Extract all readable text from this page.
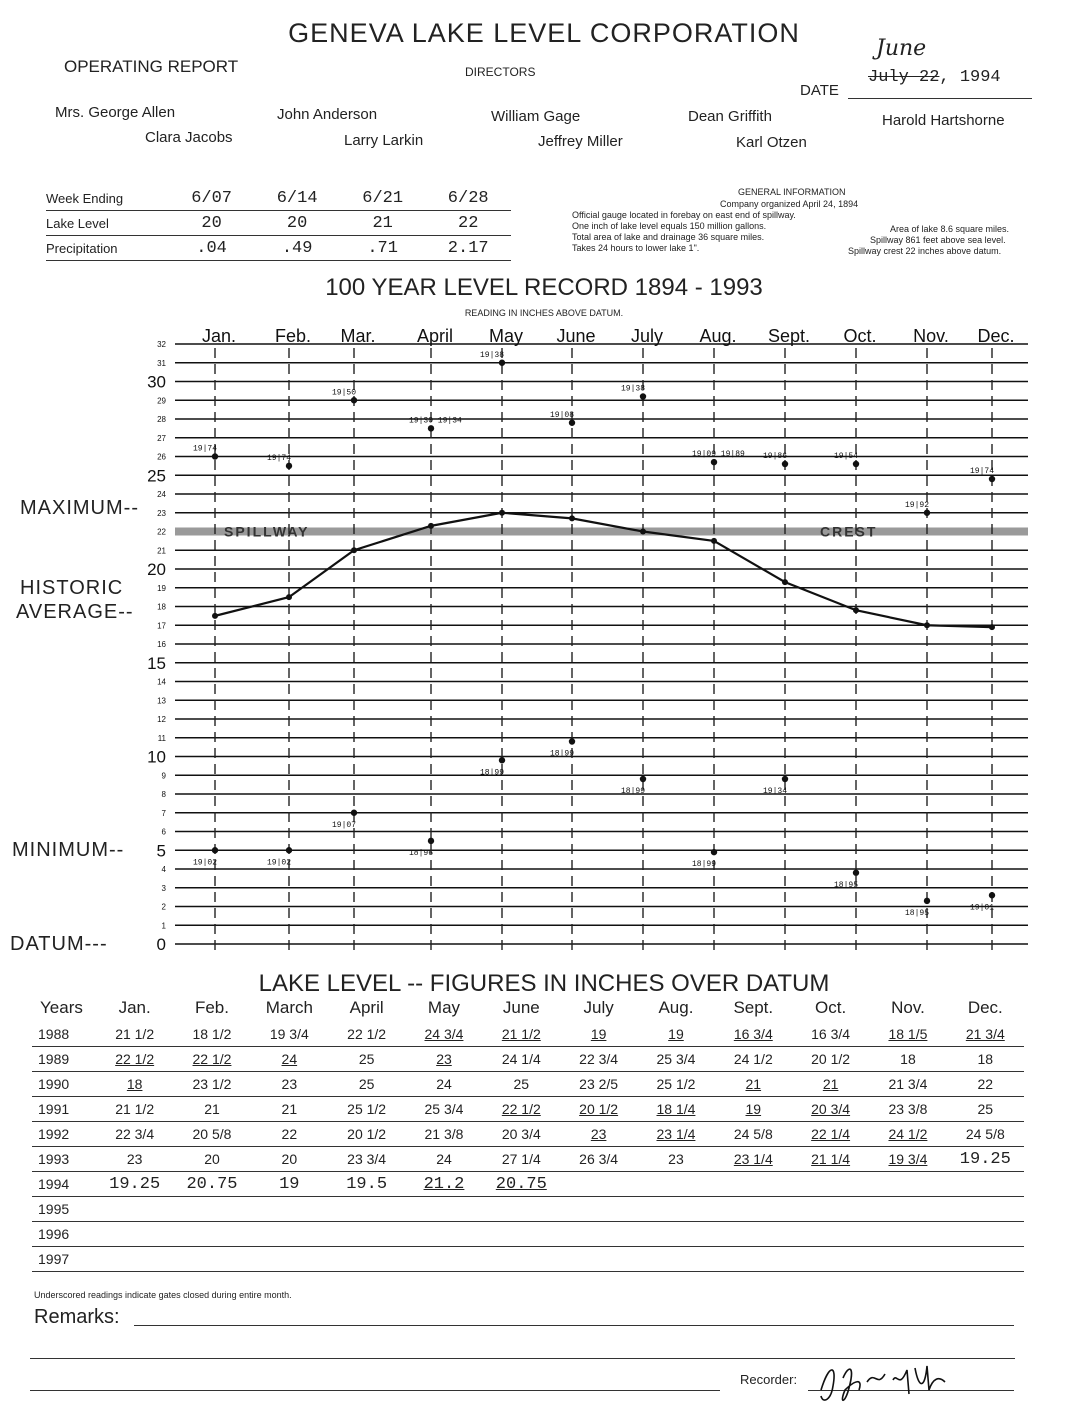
GENEVA LAKE LEVEL CORPORATION
OPERATING REPORT	DIRECTORS
June
DATE
July 22, 1994
Mrs. George Allen	John Anderson	William Gage	Dean Griffith	Harold Hartshorne
Clara Jacobs	Larry Larkin	Jeffrey Miller	Karl Otzen
Week Ending	6/07	6/14	6/21	6/28
Lake Level	20	20	21	22
Precipitation	.04	.49	.71	2.17
GENERAL INFORMATION
Company organized April 24, 1894
Official gauge located in forebay on east end of spillway.
One inch of lake level equals 150 million gallons.
Total area of lake and drainage 36 square miles.
Takes 24 hours to lower lake 1".
Area of lake 8.6 square miles.
Spillway 861 feet above sea level.
Spillway crest 22 inches above datum.
100 YEAR LEVEL RECORD 1894 - 1993
READING IN INCHES ABOVE DATUM.
0
1
2
3
4
5
6
7
8
9
10
11
12
13
14
15
16
17
18
19
20
21
22
23
24
25
26
27
28
29
30
31
32
SPILLWAY	CREST
Jan. Feb. Mar. April May June July Aug. Sept. Oct. Nov. Dec.
19|74
19|74
19|50
19|30 19|34
19|38
19|08
19|38
19|09 19|89 19|86	19|54
19|92
19|74
19|02	19|02
19|07
18|96
18|99
18|99
18|99
18|99
19|34
18|95
18|95
19|01
MAXIMUM--
HISTORIC
AVERAGE--
MINIMUM--
DATUM---
LAKE LEVEL -- FIGURES IN INCHES OVER DATUM
Years	Jan.	Feb.	March	April	May	June	July	Aug.	Sept.	Oct.	Nov.	Dec.
1988	21 1/2	18 1/2	19 3/4	22 1/2	24 3/4	21 1/2	19	19	16 3/4	16 3/4	18 1/5	21 3/4
1989	22 1/2	22 1/2	24	25	23	24 1/4	22 3/4	25 3/4	24 1/2	20 1/2	18	18
1990	18	23 1/2	23	25	24	25	23 2/5	25 1/2	21	21	21 3/4	22
1991	21 1/2	21	21	25 1/2	25 3/4	22 1/2	20 1/2	18 1/4	19	20 3/4	23 3/8	25
1992	22 3/4	20 5/8	22	20 1/2	21 3/8	20 3/4	23	23 1/4	24 5/8	22 1/4	24 1/2	24 5/8
1993	23	20	20	23 3/4	24	27 1/4	26 3/4	23	23 1/4	21 1/4	19 3/4	19.25
1994	19.25	20.75	19	19.5	21.2	20.75						
1995												
1996												
1997												
Underscored readings indicate gates closed during entire month.
Remarks:
Recorder:
